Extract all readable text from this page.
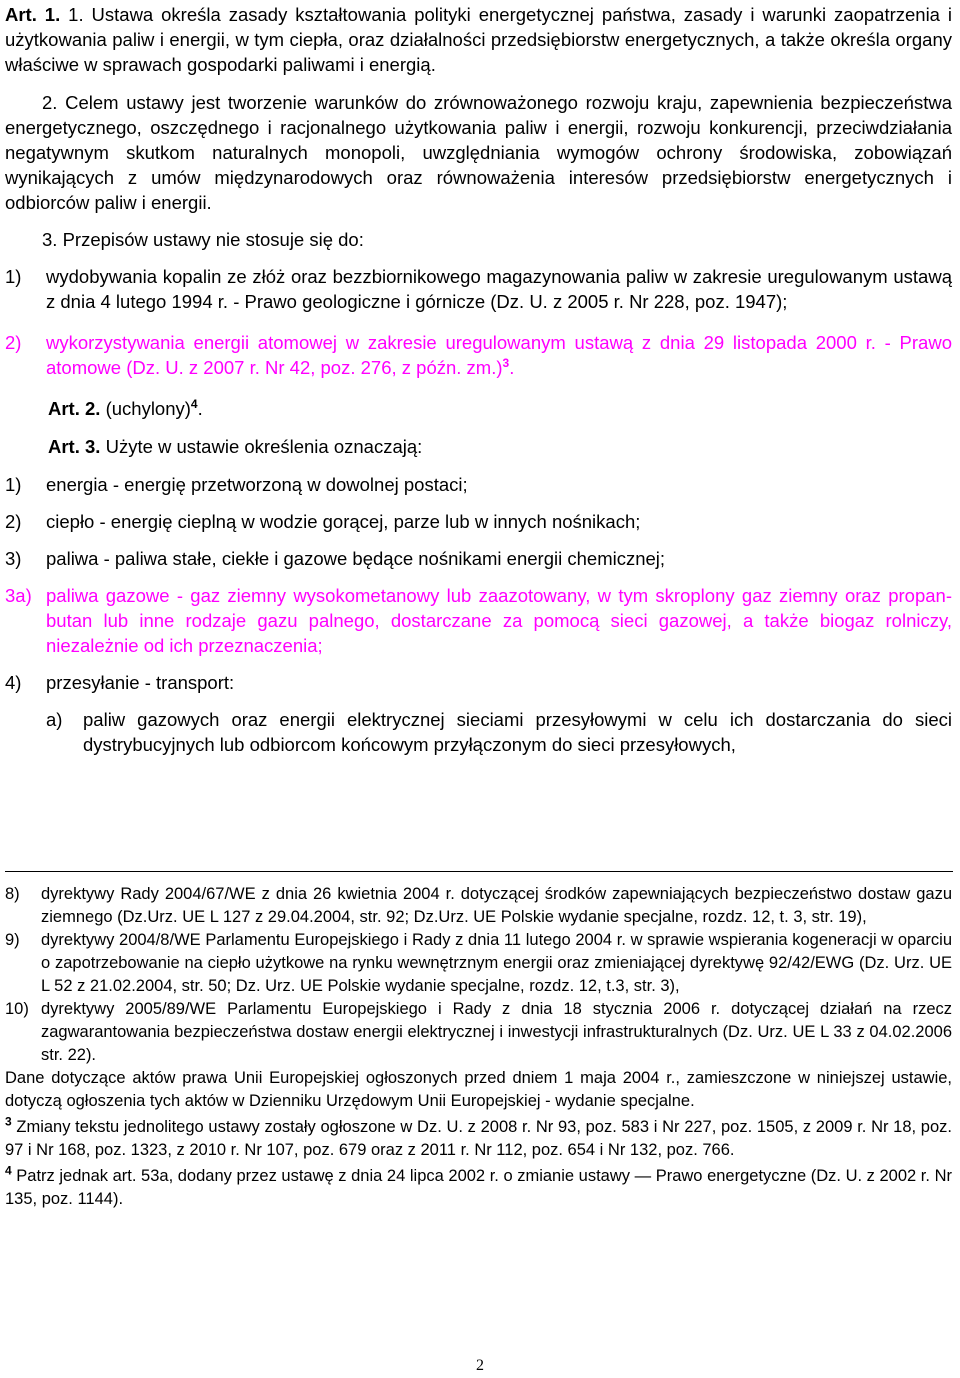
Art. 1. 1. Ustawa określa zasady kształtowania polityki energetycznej państwa, zasady i warunki zaopatrzenia i użytkowania paliw i energii, w tym ciepła, oraz działalności przedsiębiorstw energetycznych, a także określa organy właściwe w sprawach gospodarki paliwami i energią.

2. Celem ustawy jest tworzenie warunków do zrównoważonego rozwoju kraju, zapewnienia bezpieczeństwa energetycznego, oszczędnego i racjonalnego użytkowania paliw i energii, rozwoju konkurencji, przeciwdziałania negatywnym skutkom naturalnych monopoli, uwzględniania wymogów ochrony środowiska, zobowiązań wynikających z umów międzynarodowych oraz równoważenia interesów przedsiębiorstw energetycznych i odbiorców paliw i energii.

3. Przepisów ustawy nie stosuje się do:

1) wydobywania kopalin ze złóż oraz bezzbiornikowego magazynowania paliw w zakresie uregulowanym ustawą z dnia 4 lutego 1994 r. - Prawo geologiczne i górnicze (Dz. U. z 2005 r. Nr 228, poz. 1947);

2) wykorzystywania energii atomowej w zakresie uregulowanym ustawą z dnia 29 listopada 2000 r. - Prawo atomowe (Dz. U. z 2007 r. Nr 42, poz. 276, z późn. zm.)$^3$.

Art. 2. (uchylony)$^4$.

Art. 3. Użyte w ustawie określenia oznaczają:

1) energia - energię przetworzoną w dowolnej postaci;

2) ciepło - energię cieplną w wodzie gorącej, parze lub w innych nośnikach;

3) paliwa - paliwa stałe, ciekłe i gazowe będące nośnikami energii chemicznej;

3a) paliwa gazowe - gaz ziemny wysokometanowy lub zaazotowany, w tym skroplony gaz ziemny oraz propan-butan lub inne rodzaje gazu palnego, dostarczane za pomocą sieci gazowej, a także biogaz rolniczy, niezależnie od ich przeznaczenia;

4) przesyłanie - transport:

a) paliw gazowych oraz energii elektrycznej sieciami przesyłowymi w celu ich dostarczania do sieci dystrybucyjnych lub odbiorcom końcowym przyłączonym do sieci przesyłowych,

8) dyrektywy Rady 2004/67/WE z dnia 26 kwietnia 2004 r. dotyczącej środków zapewniających bezpieczeństwo dostaw gazu ziemnego (Dz.Urz. UE L 127 z 29.04.2004, str. 92; Dz.Urz. UE Polskie wydanie specjalne, rozdz. 12, t. 3, str. 19),

9) dyrektywy 2004/8/WE Parlamentu Europejskiego i Rady z dnia 11 lutego 2004 r. w sprawie wspierania kogeneracji w oparciu o zapotrzebowanie na ciepło użytkowe na rynku wewnętrznym energii oraz zmieniającej dyrektywę 92/42/EWG (Dz. Urz. UE L 52 z 21.02.2004, str. 50; Dz. Urz. UE Polskie wydanie specjalne, rozdz. 12, t.3, str. 3),

10) dyrektywy 2005/89/WE Parlamentu Europejskiego i Rady z dnia 18 stycznia 2006 r. dotyczącej działań na rzecz zagwarantowania bezpieczeństwa dostaw energii elektrycznej i inwestycji infrastrukturalnych (Dz. Urz. UE L 33 z 04.02.2006 str. 22).

Dane dotyczące aktów prawa Unii Europejskiej ogłoszonych przed dniem 1 maja 2004 r., zamieszczone w niniejszej ustawie, dotyczą ogłoszenia tych aktów w Dzienniku Urzędowym Unii Europejskiej - wydanie specjalne.

$^3$ Zmiany tekstu jednolitego ustawy zostały ogłoszone w Dz. U. z 2008 r. Nr 93, poz. 583 i Nr 227, poz. 1505, z 2009 r. Nr 18, poz. 97 i Nr 168, poz. 1323, z 2010 r. Nr 107, poz. 679 oraz z 2011 r. Nr 112, poz. 654 i Nr 132, poz. 766.

$^4$ Patrz jednak art. 53a, dodany przez ustawę z dnia 24 lipca 2002 r. o zmianie ustawy ― Prawo energetyczne (Dz. U. z 2002 r. Nr 135, poz. 1144).

2
